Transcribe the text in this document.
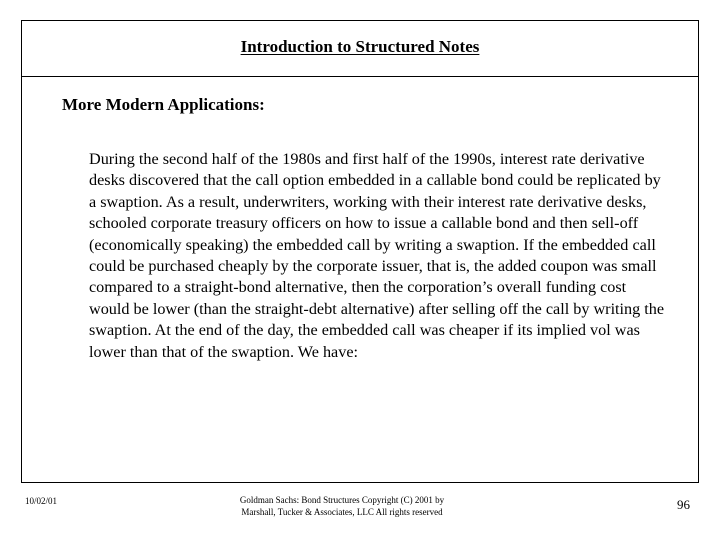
Introduction to Structured Notes
More Modern Applications:
During the second half of the 1980s and first half of the 1990s, interest rate derivative desks discovered that the call option embedded in a callable bond could be replicated by a swaption. As a result, underwriters, working with their interest rate derivative desks, schooled corporate treasury officers on how to issue a callable bond and then sell-off (economically speaking) the embedded call by writing a swaption. If the embedded call could be purchased cheaply by the corporate issuer, that is, the added coupon was small compared to a straight-bond alternative, then the corporation’s overall funding cost would be lower (than the straight-debt alternative) after selling off the call by writing the swaption. At the end of the day, the embedded call was cheaper if its implied vol was lower than that of the swaption. We have:
10/02/01	Goldman Sachs: Bond Structures Copyright (C) 2001 by Marshall, Tucker & Associates, LLC All rights reserved	96
